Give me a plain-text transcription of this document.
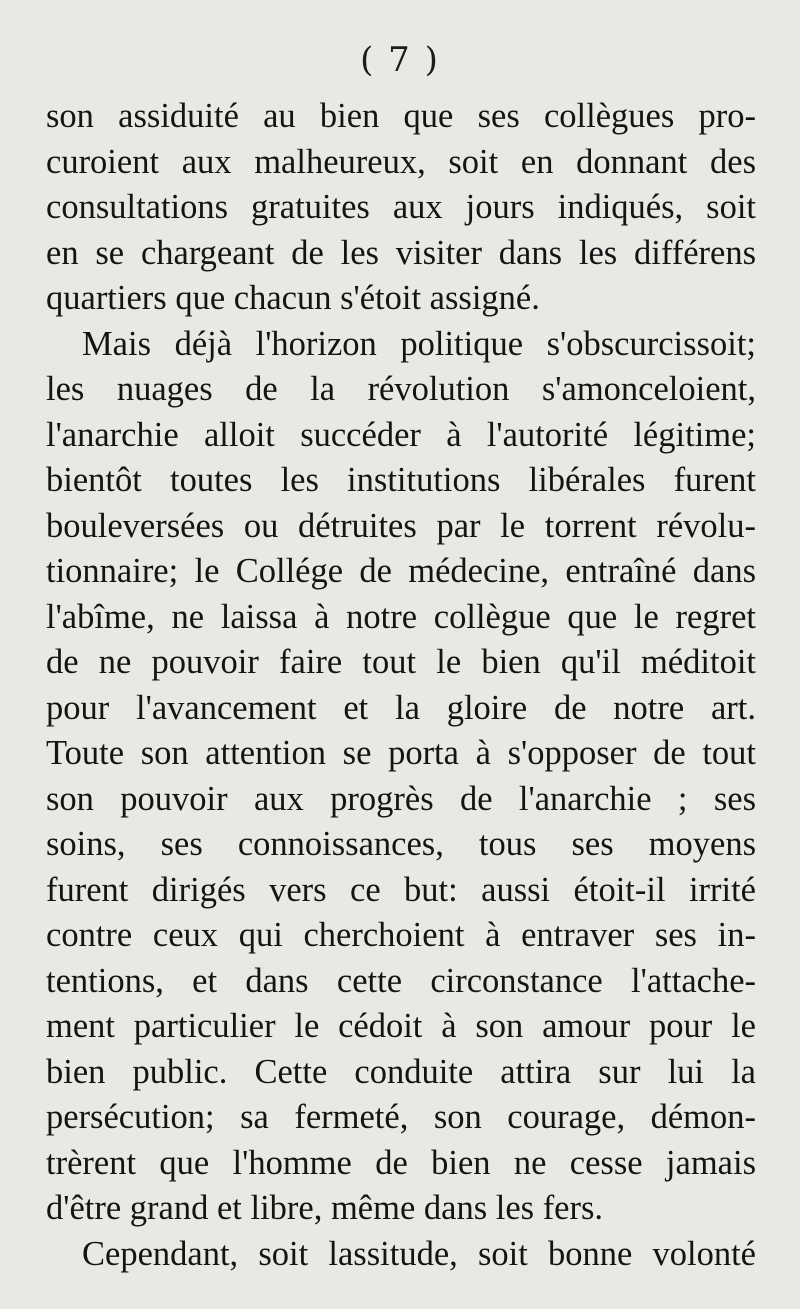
( 7 )
son assiduité au bien que ses collègues pro-
curoient aux malheureux, soit en donnant des
consultations gratuites aux jours indiqués, soit
en se chargeant de les visiter dans les différens
quartiers que chacun s'étoit assigné.
Mais déjà l'horizon politique s'obscurcissoit;
les nuages de la révolution s'amonceloient,
l'anarchie alloit succéder à l'autorité légitime;
bientôt toutes les institutions libérales furent
bouleversées ou détruites par le torrent révolu-
tionnaire; le Collége de médecine, entraîné dans
l'abîme, ne laissa à notre collègue que le regret
de ne pouvoir faire tout le bien qu'il méditoit
pour l'avancement et la gloire de notre art.
Toute son attention se porta à s'opposer de tout
son pouvoir aux progrès de l'anarchie ; ses
soins, ses connoissances, tous ses moyens
furent dirigés vers ce but: aussi étoit-il irrité
contre ceux qui cherchoient à entraver ses in-
tentions, et dans cette circonstance l'attache-
ment particulier le cédoit à son amour pour le
bien public. Cette conduite attira sur lui la
persécution; sa fermeté, son courage, démon-
trèrent que l'homme de bien ne cesse jamais
d'être grand et libre, même dans les fers.
Cependant, soit lassitude, soit bonne volonté
